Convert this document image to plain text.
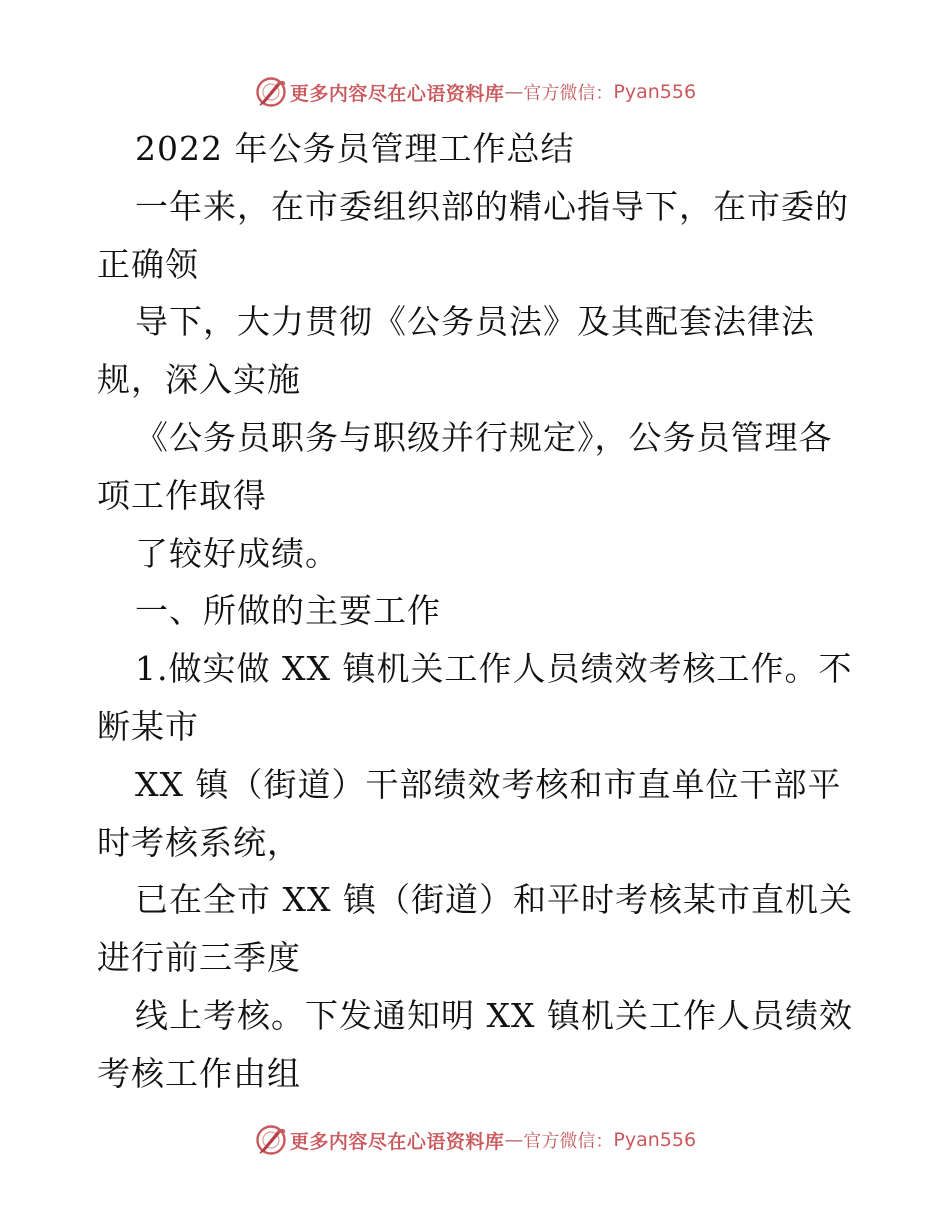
更多内容尽在心语资料库 — 官方微信： Pyan556

2022 年公务员管理工作总结

一年来，在市委组织部的精心指导下，在市委的

正确领

导下，大力贯彻《公务员法》及其配套法律法

规，深入实施

《公务员职务与职级并行规定》，公务员管理各

项工作取得

了较好成绩。

一、所做的主要工作

1.做实做 XX 镇机关工作人员绩效考核工作。不

断某市

XX 镇（街道）干部绩效考核和市直单位干部平

时考核系统，

已在全市 XX 镇（街道）和平时考核某市直机关

进行前三季度

线上考核。下发通知明 XX 镇机关工作人员绩效

考核工作由组

更多内容尽在心语资料库 — 官方微信： Pyan556
